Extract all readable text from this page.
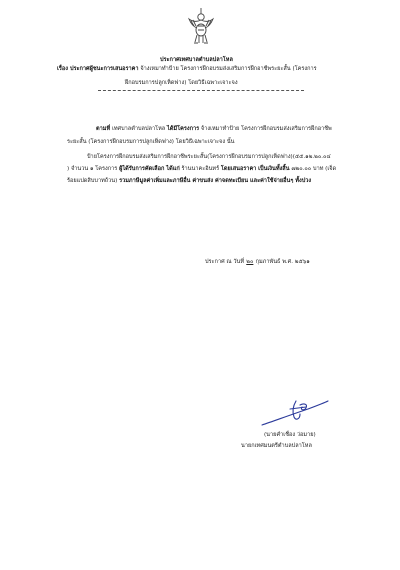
ประกาศเทศบาลตำบลปลาโหล
เรื่อง ประกาศผู้ชนะการเสนอราคา จ้างเหมาทำป้าย โครงการฝึกอบรมส่งเสริมการฝึกอาชีพระยะสั้น (โครงการ
ฝึกอบรมการปลูกเห็ดฟาง) โดยวิธีเฉพาะเจาะจง
ตามที่ เทศบาลตำบลปลาโหล ได้มีโครงการ จ้างเหมาทำป้าย โครงการฝึกอบรมส่งเสริมการฝึกอาชีพ
ระยะสั้น (โครงการฝึกอบรมการปลูกเห็ดฟาง) โดยวิธีเฉพาะเจาะจง นั้น
ป้ายโครงการฝึกอบรมส่งเสริมการฝึกอาชีพระยะสั้น(โครงการฝึกอบรมการปลูกเห็ดฟาง)(๕๕.๑๒.๒๐.๐๔
) จำนวน ๑ โครงการ ผู้ได้รับการคัดเลือก ได้แก่ ร้านนาคะอินทร์ โดยเสนอราคา เป็นเงินทั้งสิ้น ๗๒๐.๐๐ บาท (เจ็ด
ร้อยแปดสิบบาทถ้วน) รวมภาษีมูลค่าเพิ่มและภาษีอื่น ค่าขนส่ง ค่าจดทะเบียน และค่าใช้จ่ายอื่นๆ ทั้งปวง
ประกาศ ณ วันที่ ๒๐ กุมภาพันธ์ พ.ศ. ๒๕๖๑
(นายคำเชื่อง ว่อมาย)
นายกเทศมนตรีตำบลปลาโหล
